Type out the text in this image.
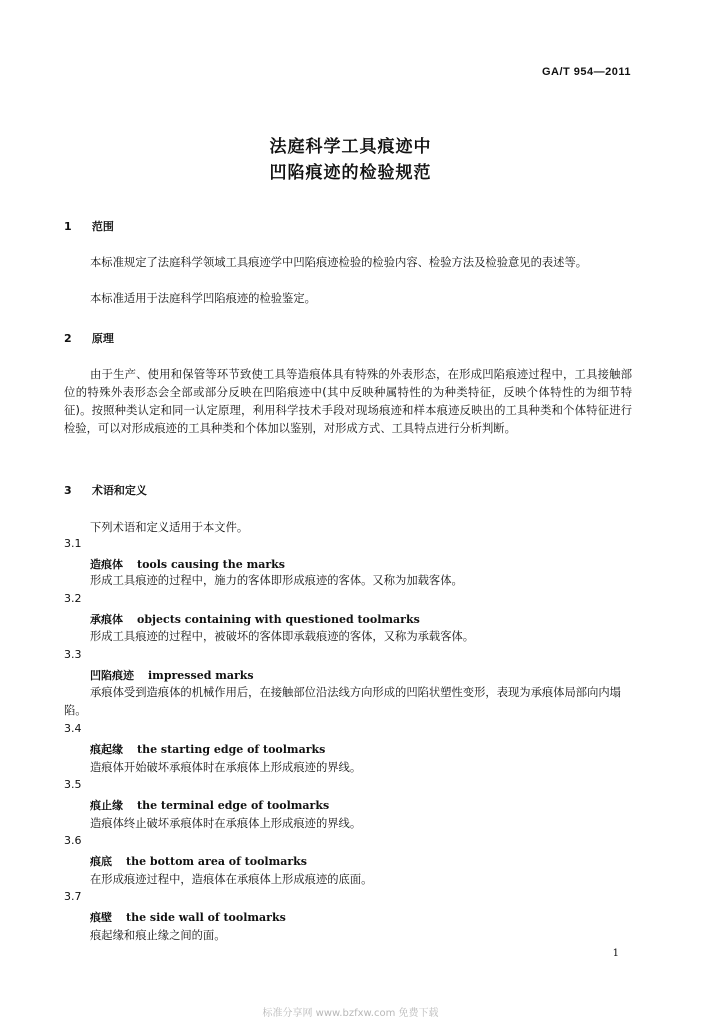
GA/T 954—2011
法庭科学工具痕迹中
凹陷痕迹的检验规范
1 范围
本标准规定了法庭科学领域工具痕迹学中凹陷痕迹检验的检验内容、检验方法及检验意见的表述等。
本标准适用于法庭科学凹陷痕迹的检验鉴定。
2 原理
由于生产、使用和保管等环节致使工具等造痕体具有特殊的外表形态，在形成凹陷痕迹过程中，工具接触部位的特殊外表形态会全部或部分反映在凹陷痕迹中(其中反映种属特性的为种类特征，反映个体特性的为细节特征)。按照种类认定和同一认定原理，利用科学技术手段对现场痕迹和样本痕迹反映出的工具种类和个体特征进行检验，可以对形成痕迹的工具种类和个体加以鉴别，对形成方式、工具特点进行分析判断。
3 术语和定义
下列术语和定义适用于本文件。
3.1
造痕体 tools causing the marks
形成工具痕迹的过程中，施力的客体即形成痕迹的客体。又称为加载客体。
3.2
承痕体 objects containing with questioned toolmarks
形成工具痕迹的过程中，被破坏的客体即承载痕迹的客体，又称为承载客体。
3.3
凹陷痕迹 impressed marks
承痕体受到造痕体的机械作用后，在接触部位沿法线方向形成的凹陷状塑性变形，表现为承痕体局部向内塌陷。
3.4
痕起缘 the starting edge of toolmarks
造痕体开始破坏承痕体时在承痕体上形成痕迹的界线。
3.5
痕止缘 the terminal edge of toolmarks
造痕体终止破坏承痕体时在承痕体上形成痕迹的界线。
3.6
痕底 the bottom area of toolmarks
在形成痕迹过程中，造痕体在承痕体上形成痕迹的底面。
3.7
痕壁 the side wall of toolmarks
痕起缘和痕止缘之间的面。
1
标准分享网 www.bzfxw.com 免费下载
